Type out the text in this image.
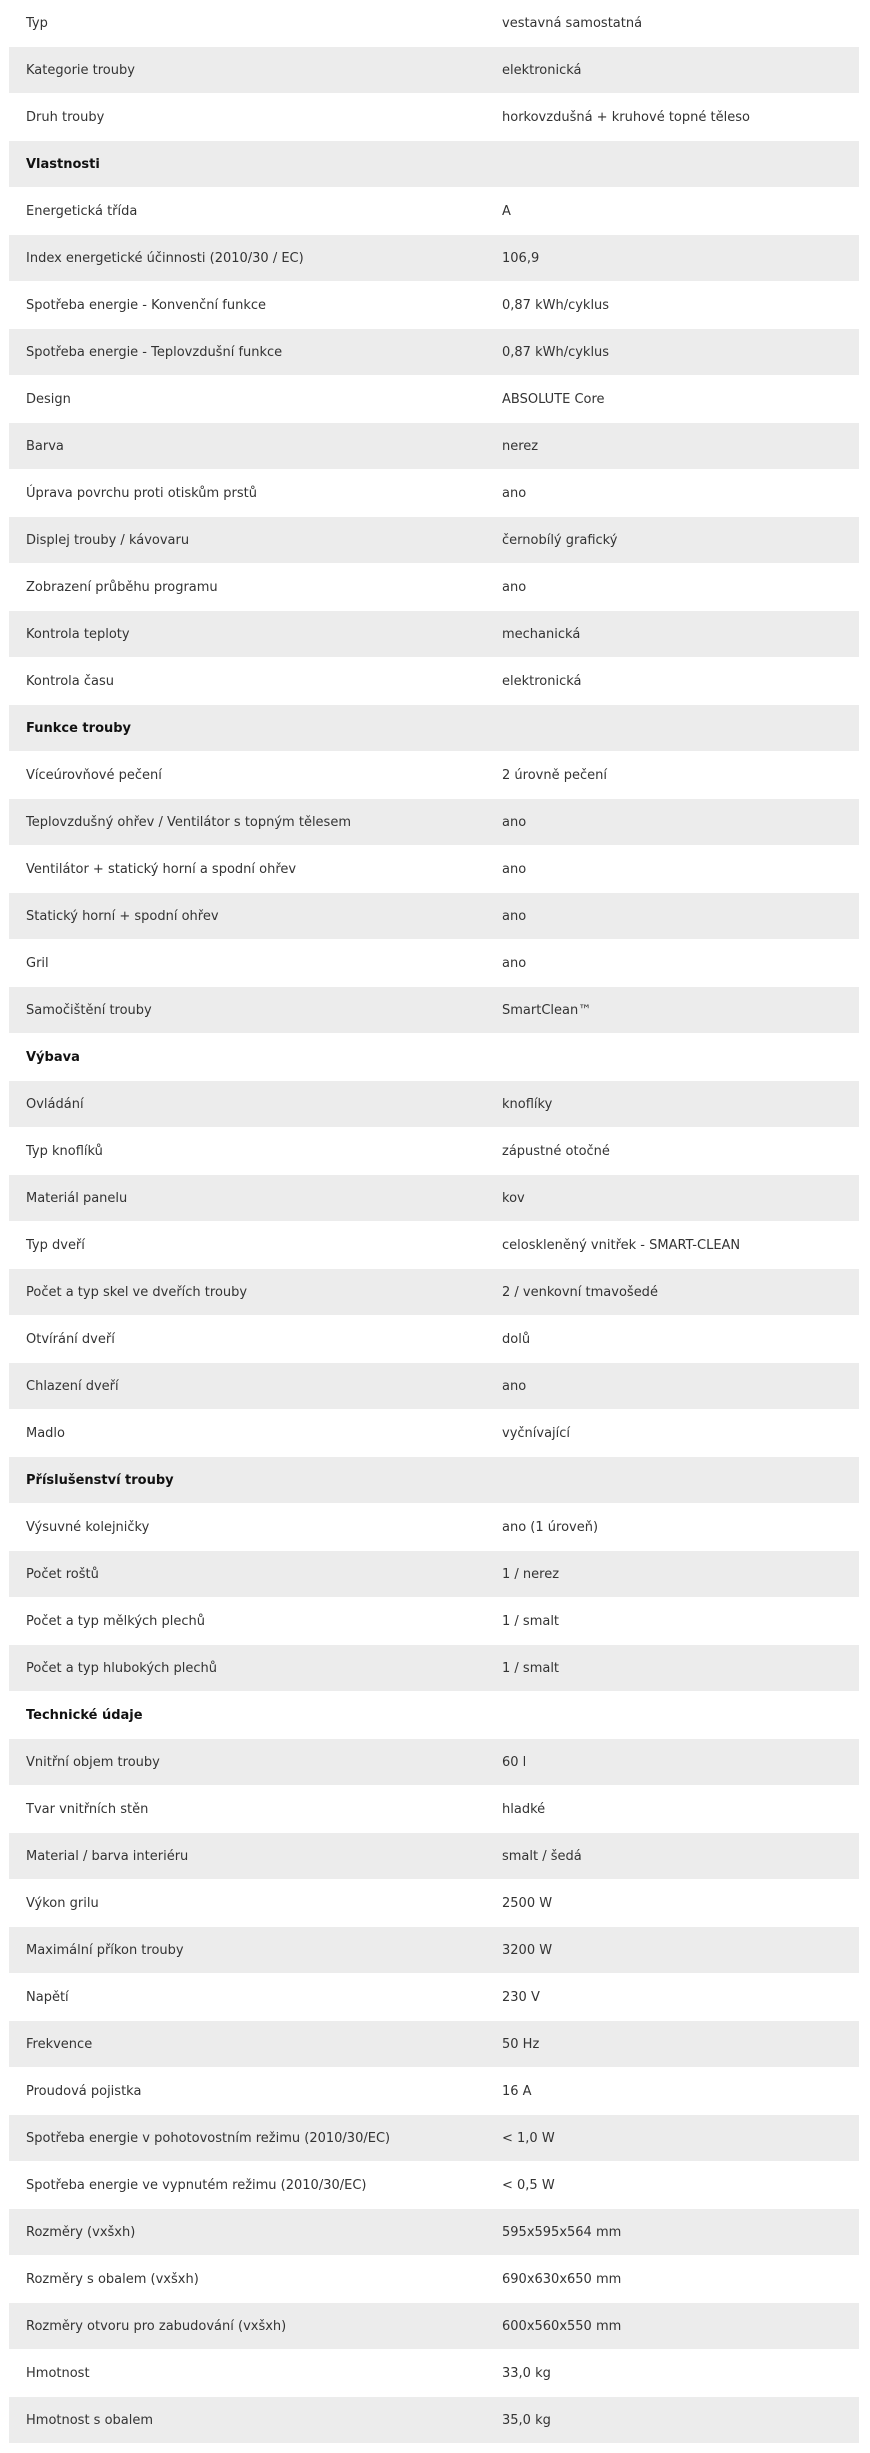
Typ	vestavná samostatná
Kategorie trouby	elektronická
Druh trouby	horkovzdušná + kruhové topné těleso
Vlastnosti
Energetická třída	A
Index energetické účinnosti (2010/30 / EC)	106,9
Spotřeba energie - Konvenční funkce	0,87 kWh/cyklus
Spotřeba energie - Teplovzdušní funkce	0,87 kWh/cyklus
Design	ABSOLUTE Core
Barva	nerez
Úprava povrchu proti otiskům prstů	ano
Displej trouby / kávovaru	černobílý grafický
Zobrazení průběhu programu	ano
Kontrola teploty	mechanická
Kontrola času	elektronická
Funkce trouby
Víceúrovňové pečení	2 úrovně pečení
Teplovzdušný ohřev / Ventilátor s topným tělesem	ano
Ventilátor + statický horní a spodní ohřev	ano
Statický horní + spodní ohřev	ano
Gril	ano
Samočištění trouby	SmartClean™
Výbava
Ovládání	knoflíky
Typ knoflíků	zápustné otočné
Materiál panelu	kov
Typ dveří	celoskleněný vnitřek - SMART-CLEAN
Počet a typ skel ve dveřích trouby	2 / venkovní tmavošedé
Otvírání dveří	dolů
Chlazení dveří	ano
Madlo	vyčnívající
Příslušenství trouby
Výsuvné kolejničky	ano (1 úroveň)
Počet roštů	1 / nerez
Počet a typ mělkých plechů	1 / smalt
Počet a typ hlubokých plechů	1 / smalt
Technické údaje
Vnitřní objem trouby	60 l
Tvar vnitřních stěn	hladké
Material / barva interiéru	smalt / šedá
Výkon grilu	2500 W
Maximální příkon trouby	3200 W
Napětí	230 V
Frekvence	50 Hz
Proudová pojistka	16 A
Spotřeba energie v pohotovostním režimu (2010/30/EC)	< 1,0 W
Spotřeba energie ve vypnutém režimu (2010/30/EC)	< 0,5 W
Rozměry (vxšxh)	595x595x564 mm
Rozměry s obalem (vxšxh)	690x630x650 mm
Rozměry otvoru pro zabudování (vxšxh)	600x560x550 mm
Hmotnost	33,0 kg
Hmotnost s obalem	35,0 kg
